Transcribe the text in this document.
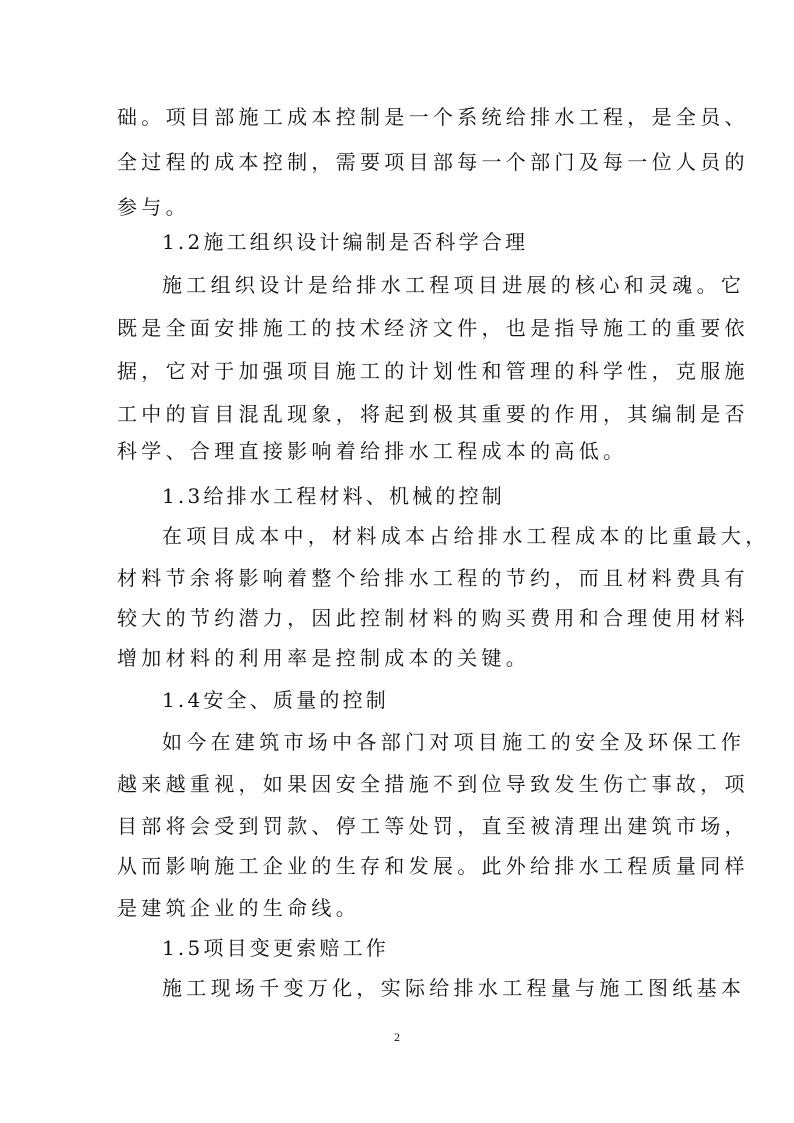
础。项目部施工成本控制是一个系统给排水工程，是全员、
全过程的成本控制，需要项目部每一个部门及每一位人员的
参与。
1.2施工组织设计编制是否科学合理
施工组织设计是给排水工程项目进展的核心和灵魂。它
既是全面安排施工的技术经济文件，也是指导施工的重要依
据，它对于加强项目施工的计划性和管理的科学性，克服施
工中的盲目混乱现象，将起到极其重要的作用，其编制是否
科学、合理直接影响着给排水工程成本的高低。
1.3给排水工程材料、机械的控制
在项目成本中，材料成本占给排水工程成本的比重最大，
材料节余将影响着整个给排水工程的节约，而且材料费具有
较大的节约潜力，因此控制材料的购买费用和合理使用材料
增加材料的利用率是控制成本的关键。
1.4安全、质量的控制
如今在建筑市场中各部门对项目施工的安全及环保工作
越来越重视，如果因安全措施不到位导致发生伤亡事故，项
目部将会受到罚款、停工等处罚，直至被清理出建筑市场，
从而影响施工企业的生存和发展。此外给排水工程质量同样
是建筑企业的生命线。
1.5项目变更索赔工作
施工现场千变万化，实际给排水工程量与施工图纸基本
2
